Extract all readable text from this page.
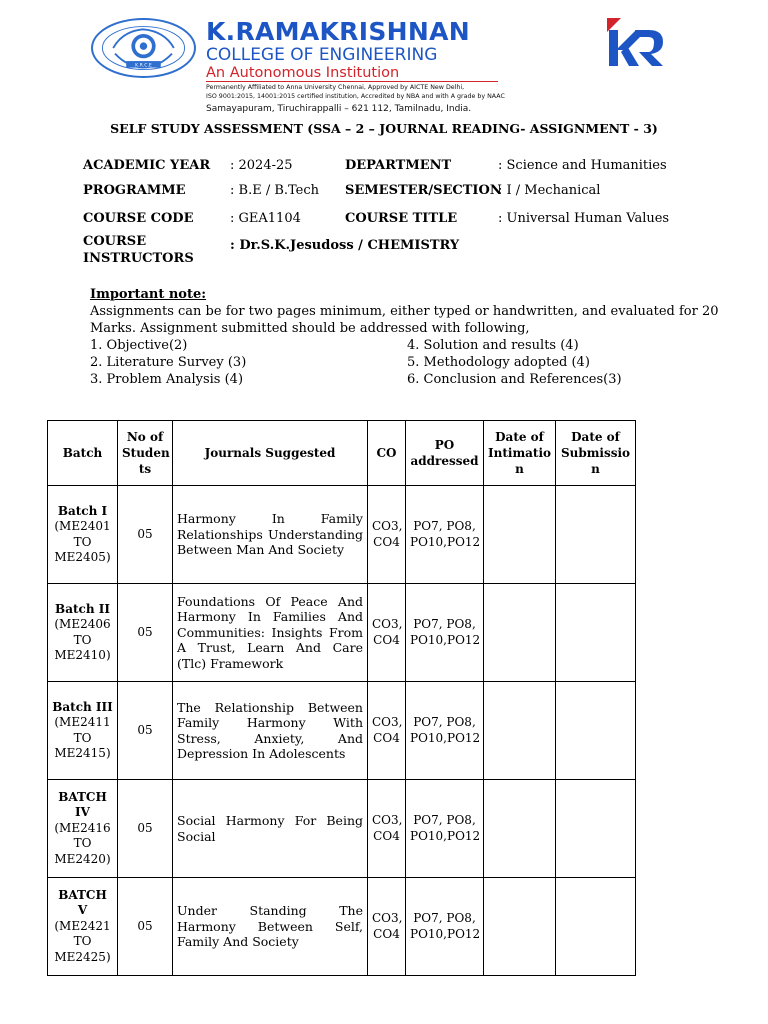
K.R.C.E
K.RAMAKRISHNAN
COLLEGE OF ENGINEERING
An Autonomous Institution
Permanently Affiliated to Anna University Chennai, Approved by AICTE New Delhi,
ISO 9001:2015, 14001:2015 certified institution, Accredited by NBA and with A grade by NAAC
Samayapuram, Tiruchirappalli – 621 112, Tamilnadu, India.
SELF STUDY ASSESSMENT (SSA – 2 – JOURNAL READING- ASSIGNMENT - 3)
ACADEMIC YEAR : 2024-25	DEPARTMENT	: Science and Humanities
PROGRAMME	: B.E / B.Tech SEMESTER/SECTION
: I / Mechanical
COURSE CODE	: GEA1104	COURSE TITLE	: Universal Human Values
COURSE
INSTRUCTORS
: Dr.S.K.Jesudoss / CHEMISTRY
Important note:
Assignments can be for two pages minimum, either typed or handwritten, and evaluated for 20
Marks. Assignment submitted should be addressed with following,
1. Objective(2)	4. Solution and results (4)
2. Literature Survey (3)	5. Methodology adopted (4)
3. Problem Analysis (4)	6. Conclusion and References(3)
Batch	No of Studen ts	Journals Suggested	CO	PO addressed	Date of Intimatio n	Date of Submissio n

Batch I
(ME2401 TO ME2405)	05	Harmony In Family Relationships Understanding Between Man And Society	CO3, CO4	PO7, PO8, PO10,PO12		

Batch II
(ME2406 TO ME2410)	05	Foundations Of Peace And Harmony In Families And Communities: Insights From A Trust, Learn And Care (Tlc) Framework	CO3, CO4	PO7, PO8, PO10,PO12		

Batch III
(ME2411 TO ME2415)	05	The Relationship Between Family Harmony With Stress, Anxiety, And Depression In Adolescents	CO3, CO4	PO7, PO8, PO10,PO12		

BATCH IV
(ME2416 TO ME2420)	05	Social Harmony For Being Social	CO3, CO4	PO7, PO8, PO10,PO12		

BATCH V
(ME2421 TO ME2425)	05	Under Standing The Harmony Between Self, Family And Society	CO3, CO4	PO7, PO8, PO10,PO12		
